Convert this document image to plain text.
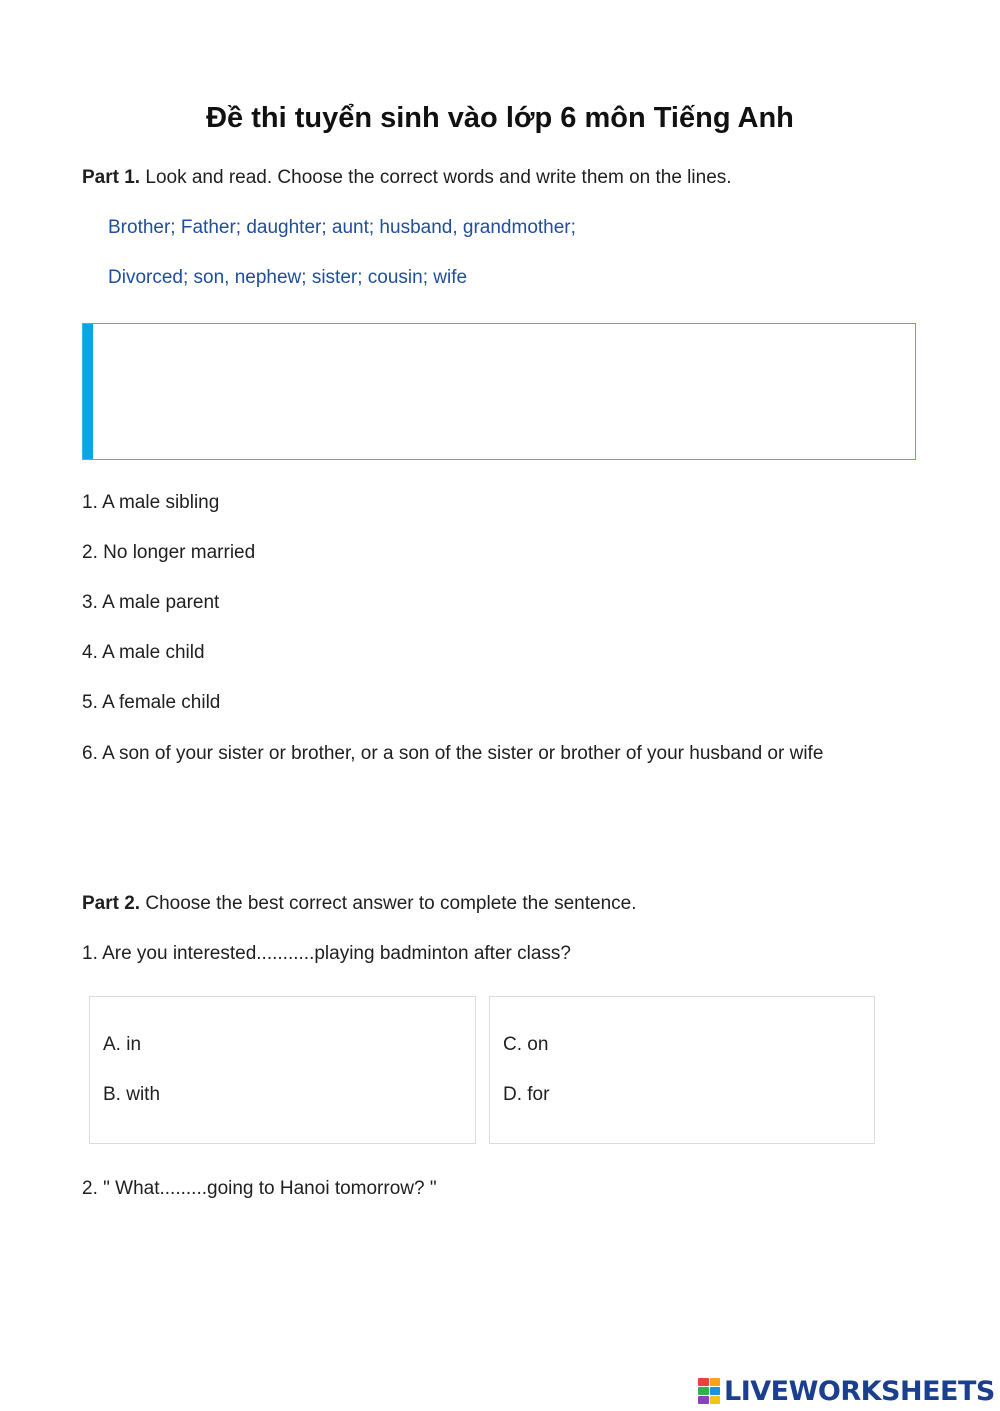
Đề thi tuyển sinh vào lớp 6 môn Tiếng Anh
Part 1. Look and read. Choose the correct words and write them on the lines.
Brother; Father; daughter; aunt; husband, grandmother;
Divorced; son, nephew; sister; cousin; wife
1. A male sibling
2. No longer married
3. A male parent
4. A male child
5. A female child
6. A son of your sister or brother, or a son of the sister or brother of your husband or wife
Part 2. Choose the best correct answer to complete the sentence.
1. Are you interested...........playing badminton after class?
A. in
B. with
C. on
D. for
2. " What.........going to Hanoi tomorrow? "
LIVEWORKSHEETS
